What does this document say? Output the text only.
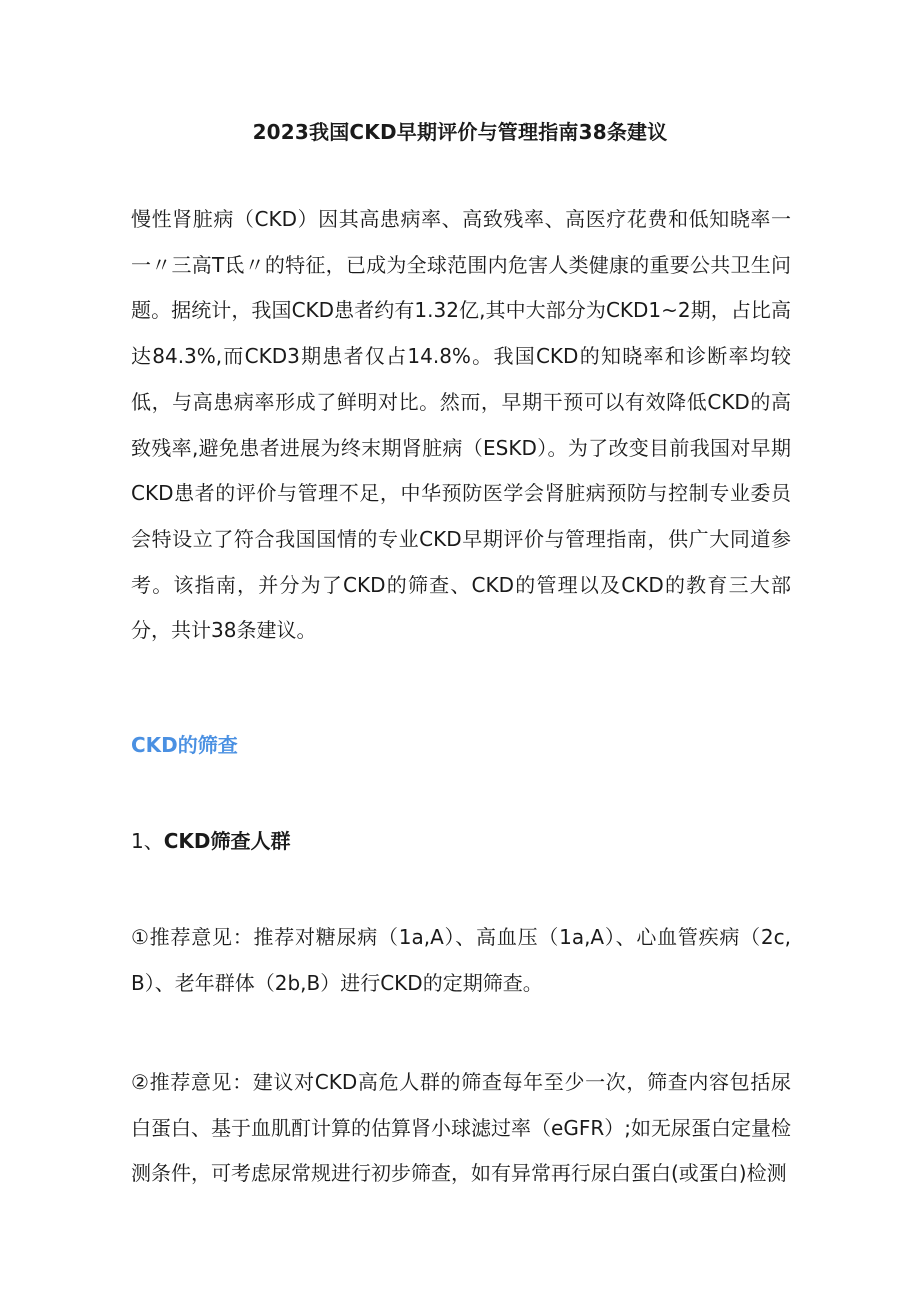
2023我国CKD早期评价与管理指南38条建议
慢性肾脏病（CKD）因其高患病率、高致残率、高医疗花费和低知晓率一一〃三高T氐〃的特征，已成为全球范围内危害人类健康的重要公共卫生问题。据统计，我国CKD患者约有1.32亿,其中大部分为CKD1~2期，占比高达84.3%,而CKD3期患者仅占14.8%。我国CKD的知晓率和诊断率均较低，与高患病率形成了鲜明对比。然而，早期干预可以有效降低CKD的高致残率,避免患者进展为终末期肾脏病（ESKD）。为了改变目前我国对早期CKD患者的评价与管理不足，中华预防医学会肾脏病预防与控制专业委员会特设立了符合我国国情的专业CKD早期评价与管理指南，供广大同道参考。该指南，并分为了CKD的筛查、CKD的管理以及CKD的教育三大部分，共计38条建议。
CKD的筛查
1、CKD筛查人群
①推荐意见：推荐对糖尿病（1a,A）、高血压（1a,A）、心血管疾病（2c,B）、老年群体（2b,B）进行CKD的定期筛查。
②推荐意见：建议对CKD高危人群的筛查每年至少一次，筛查内容包括尿白蛋白、基于血肌酊计算的估算肾小球滤过率（eGFR）;如无尿蛋白定量检测条件，可考虑尿常规进行初步筛查，如有异常再行尿白蛋白(或蛋白)检测
